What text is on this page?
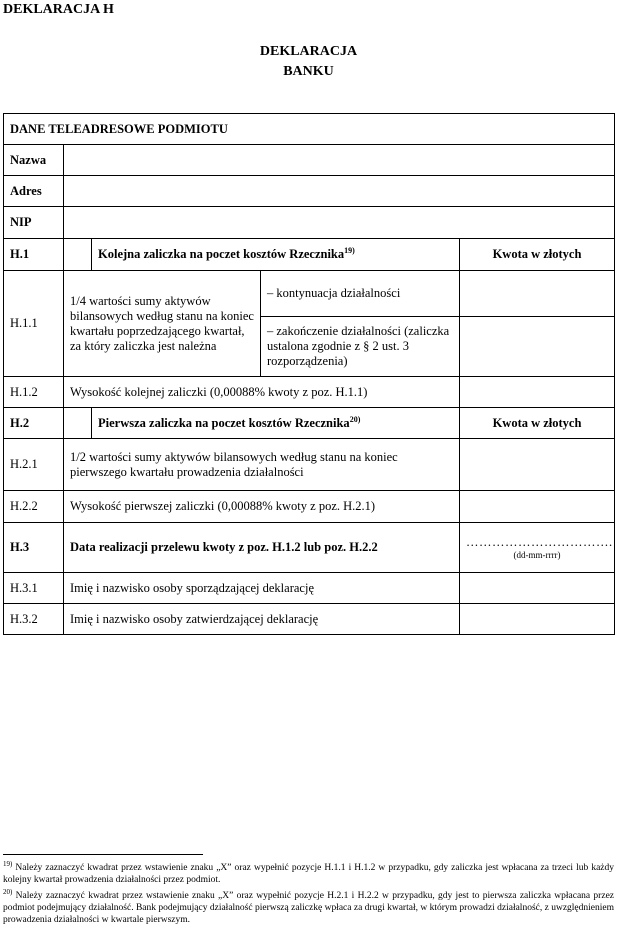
DEKLARACJA H
DEKLARACJA
BANKU
DANE TELEADRESOWE PODMIOTU				
Nazwa				
Adres				
NIP				
H.1		Kolejna zaliczka na poczet kosztów Rzecznika$^{19)}$		Kwota w złotych
H.1.1	1/4 wartości sumy aktywów bilansowych według stanu na koniec kwartału poprzedzającego kwartał, za który zaliczka jest należna		– kontynuacja działalności	
			– zakończenie działalności (zaliczka ustalona zgodnie z § 2 ust. 3 rozporządzenia)	
H.1.2	Wysokość kolejnej zaliczki (0,00088% kwoty z poz. H.1.1)			
H.2		Pierwsza zaliczka na poczet kosztów Rzecznika$^{20)}$		Kwota w złotych
H.2.1	1/2 wartości sumy aktywów bilansowych według stanu na koniec pierwszego kwartału prowadzenia działalności			
H.2.2	Wysokość pierwszej zaliczki (0,00088% kwoty z poz. H.2.1)			
H.3	Data realizacji przelewu kwoty z poz. H.1.2 lub poz. H.2.2			…………………………….
(dd-mm-rrrr)

H.3.1	Imię i nazwisko osoby sporządzającej deklarację			
H.3.2	Imię i nazwisko osoby zatwierdzającej deklarację			
$^{19)}$ Należy zaznaczyć kwadrat przez wstawienie znaku „X” oraz wypełnić pozycje H.1.1 i H.1.2 w przypadku, gdy zaliczka jest wpłacana za trzeci lub każdy kolejny kwartał prowadzenia działalności przez podmiot.
$^{20)}$ Należy zaznaczyć kwadrat przez wstawienie znaku „X” oraz wypełnić pozycje H.2.1 i H.2.2 w przypadku, gdy jest to pierwsza zaliczka wpłacana przez podmiot podejmujący działalność. Bank podejmujący działalność pierwszą zaliczkę wpłaca za drugi kwartał, w którym prowadzi działalność, z uwzględnieniem prowadzenia działalności w kwartale pierwszym.
